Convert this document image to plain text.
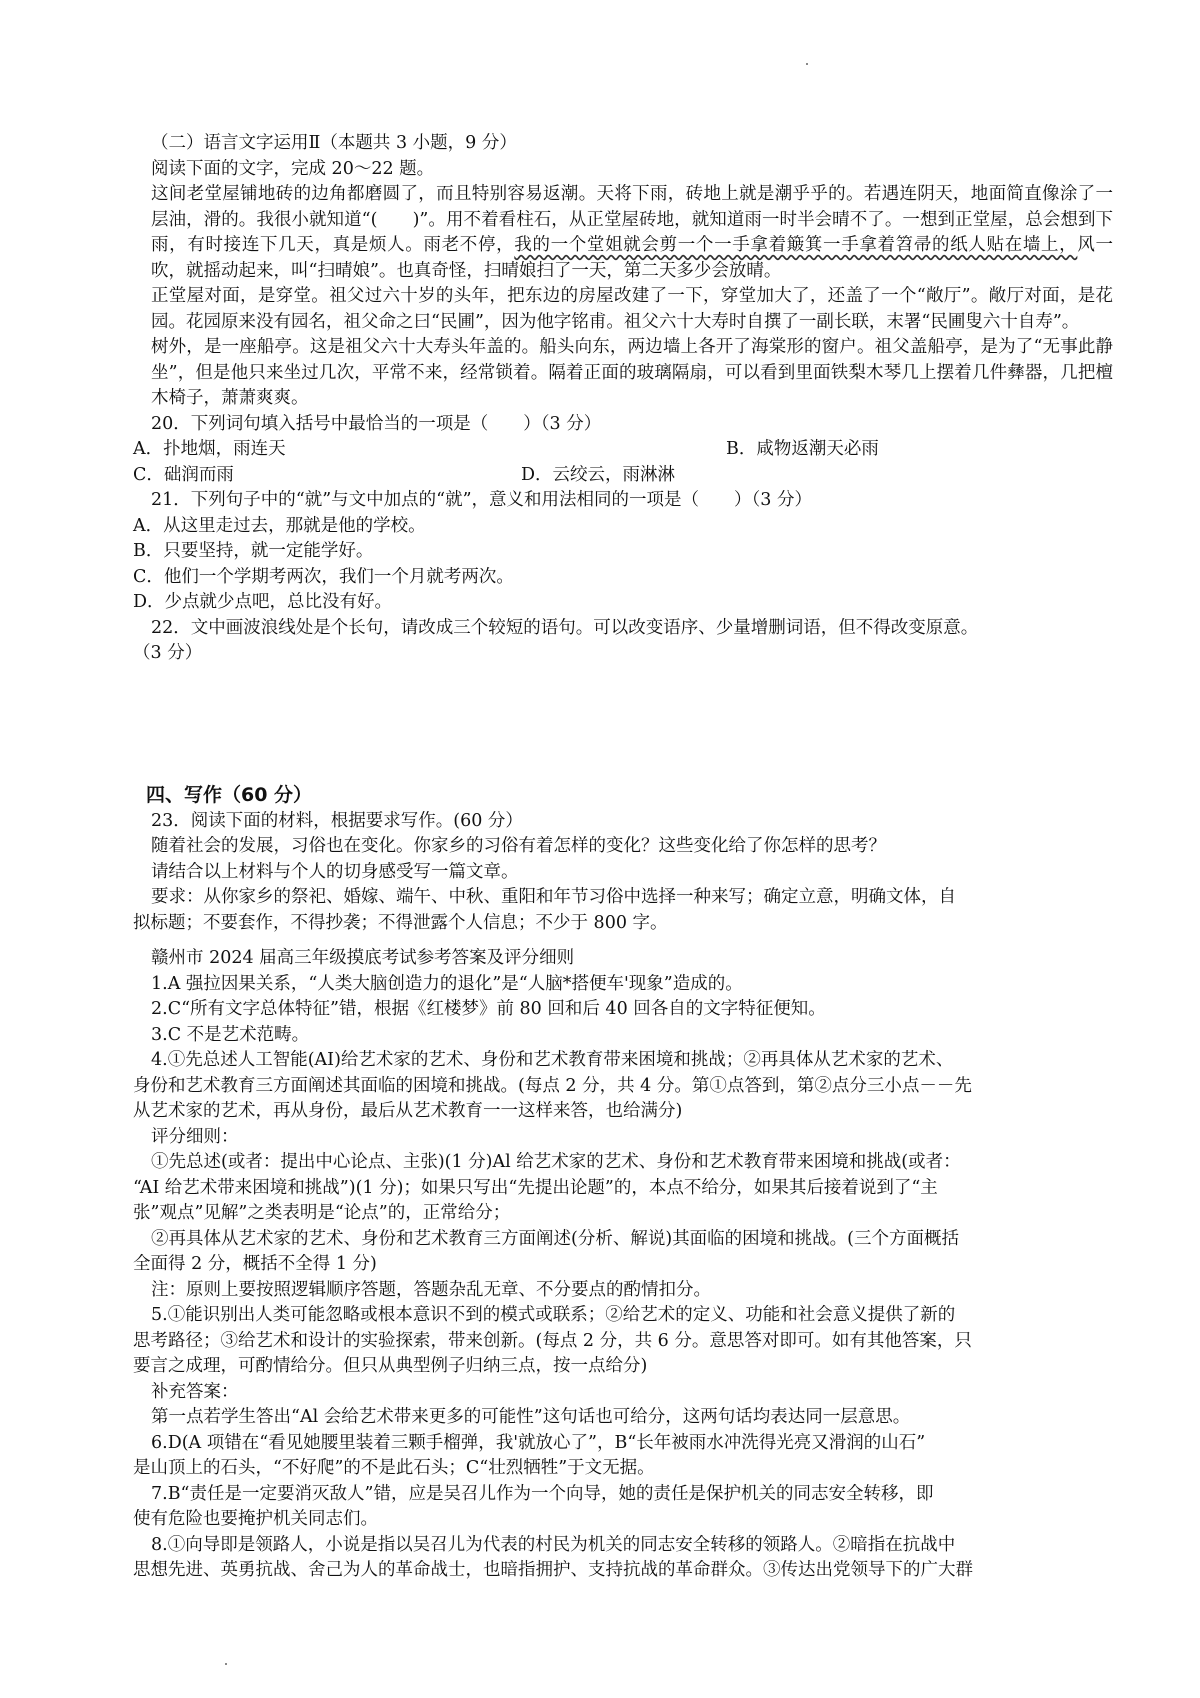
（二）语言文字运用Ⅱ（本题共 3 小题，9 分）

阅读下面的文字，完成 20～22 题。

这间老堂屋铺地砖的边角都磨圆了，而且特别容易返潮。天将下雨，砖地上就是潮乎乎的。若遇连阴天，地面简直像涂了一层油，滑的。我很小就知道“(　　)”。用不着看柱石，从正堂屋砖地，就知道雨一时半会晴不了。一想到正堂屋，总会想到下雨，有时接连下几天，真是烦人。雨老不停，我的一个堂姐就会剪一个一手拿着簸箕一手拿着笤帚的纸人贴在墙上，风一吹，就摇动起来，叫“扫晴娘”。也真奇怪，扫晴娘扫了一天，第二天多少会放晴。

正堂屋对面，是穿堂。祖父过六十岁的头年，把东边的房屋改建了一下，穿堂加大了，还盖了一个“敞厅”。敞厅对面，是花园。花园原来没有园名，祖父命之曰“民圃”，因为他字铭甫。祖父六十大寿时自撰了一副长联，末署“民圃叟六十自寿”。

树外，是一座船亭。这是祖父六十大寿头年盖的。船头向东，两边墙上各开了海棠形的窗户。祖父盖船亭，是为了“无事此静坐”，但是他只来坐过几次，平常不来，经常锁着。隔着正面的玻璃隔扇，可以看到里面铁梨木琴几上摆着几件彝器，几把檀木椅子，萧萧爽爽。

20．下列词句填入括号中最恰当的一项是（　　）（3 分）

A．扑地烟，雨连天	B．咸物返潮天必雨
C．础润而雨	D．云绞云，雨淋淋

21．下列句子中的“就”与文中加点的“就”，意义和用法相同的一项是（　　）（3 分）

A．从这里走过去，那就是他的学校。

B．只要坚持，就一定能学好。

C．他们一个学期考两次，我们一个月就考两次。

D．少点就少点吧，总比没有好。

22．文中画波浪线处是个长句，请改成三个较短的语句。可以改变语序、少量增删词语，但不得改变原意。

（3 分）

四、写作（60 分）

23．阅读下面的材料，根据要求写作。(60 分）

随着社会的发展，习俗也在变化。你家乡的习俗有着怎样的变化？这些变化给了你怎样的思考？

请结合以上材料与个人的切身感受写一篇文章。

要求：从你家乡的祭祀、婚嫁、端午、中秋、重阳和年节习俗中选择一种来写；确定立意，明确文体，自

拟标题；不要套作，不得抄袭；不得泄露个人信息；不少于 800 字。

赣州市 2024 届高三年级摸底考试参考答案及评分细则

1.A 强拉因果关系，“人类大脑创造力的退化”是“人脑*搭便车'现象”造成的。

2.C“所有文字总体特征”错，根据《红楼梦》前 80 回和后 40 回各自的文字特征便知。

3.C 不是艺术范畴。

4.①先总述人工智能(AI)给艺术家的艺术、身份和艺术教育带来困境和挑战；②再具体从艺术家的艺术、

身份和艺术教育三方面阐述其面临的困境和挑战。(每点 2 分，共 4 分。第①点答到，第②点分三小点－－先

从艺术家的艺术，再从身份，最后从艺术教育一一这样来答，也给满分)

评分细则：

①先总述(或者：提出中心论点、主张)(1 分)Al 给艺术家的艺术、身份和艺术教育带来困境和挑战(或者：

“AI 给艺术带来困境和挑战”)(1 分)；如果只写出“先提出论题”的，本点不给分，如果其后接着说到了“主

张”观点”见解”之类表明是“论点”的，正常给分；

②再具体从艺术家的艺术、身份和艺术教育三方面阐述(分析、解说)其面临的困境和挑战。(三个方面概括

全面得 2 分，概括不全得 1 分)

注：原则上要按照逻辑顺序答题，答题杂乱无章、不分要点的酌情扣分。

5.①能识别出人类可能忽略或根本意识不到的模式或联系；②给艺术的定义、功能和社会意义提供了新的

思考路径；③给艺术和设计的实验探索，带来创新。(每点 2 分，共 6 分。意思答对即可。如有其他答案，只

要言之成理，可酌情给分。但只从典型例子归纳三点，按一点给分)

补充答案：

第一点若学生答出“Al 会给艺术带来更多的可能性”这句话也可给分，这两句话均表达同一层意思。

6.D(A 项错在“看见她腰里装着三颗手榴弹，我'就放心了”，B“长年被雨水冲洗得光亮又滑润的山石”

是山顶上的石头，“不好爬”的不是此石头；C“壮烈牺牲”于文无据。

7.B“责任是一定要消灭敌人”错，应是吴召儿作为一个向导，她的责任是保护机关的同志安全转移，即

使有危险也要掩护机关同志们。

8.①向导即是领路人，小说是指以吴召儿为代表的村民为机关的同志安全转移的领路人。②暗指在抗战中

思想先进、英勇抗战、舍己为人的革命战士，也暗指拥护、支持抗战的革命群众。③传达出党领导下的广大群
